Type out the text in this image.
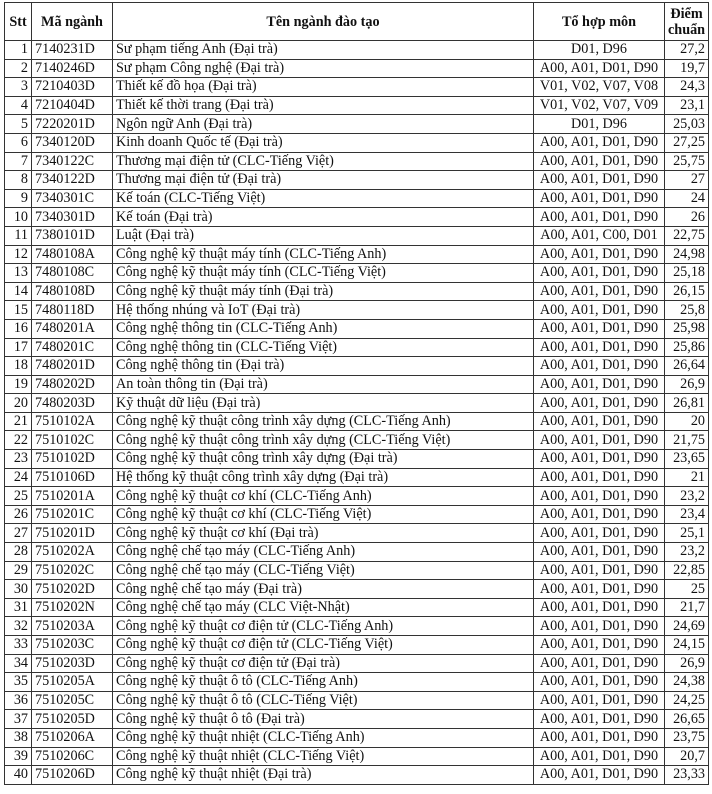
Stt	Mã ngành	Tên ngành đào tạo	Tổ hợp môn	Điểm
chuẩn
1	7140231D	Sư phạm tiếng Anh (Đại trà)	D01, D96	27,2
2	7140246D	Sư phạm Công nghệ (Đại trà)	A00, A01, D01, D90	19,7
3	7210403D	Thiết kế đồ họa (Đại trà)	V01, V02, V07, V08	24,3
4	7210404D	Thiết kế thời trang (Đại trà)	V01, V02, V07, V09	23,1
5	7220201D	Ngôn ngữ Anh (Đại trà)	D01, D96	25,03
6	7340120D	Kinh doanh Quốc tế (Đại trà)	A00, A01, D01, D90	27,25
7	7340122C	Thương mại điện tử (CLC-Tiếng Việt)	A00, A01, D01, D90	25,75
8	7340122D	Thương mại điện tử (Đại trà)	A00, A01, D01, D90	27
9	7340301C	Kế toán (CLC-Tiếng Việt)	A00, A01, D01, D90	24
10	7340301D	Kế toán (Đại trà)	A00, A01, D01, D90	26
11	7380101D	Luật (Đại trà)	A00, A01, C00, D01	22,75
12	7480108A	Công nghệ kỹ thuật máy tính (CLC-Tiếng Anh)	A00, A01, D01, D90	24,98
13	7480108C	Công nghệ kỹ thuật máy tính (CLC-Tiếng Việt)	A00, A01, D01, D90	25,18
14	7480108D	Công nghệ kỹ thuật máy tính (Đại trà)	A00, A01, D01, D90	26,15
15	7480118D	Hệ thống nhúng và IoT (Đại trà)	A00, A01, D01, D90	25,8
16	7480201A	Công nghệ thông tin (CLC-Tiếng Anh)	A00, A01, D01, D90	25,98
17	7480201C	Công nghệ thông tin (CLC-Tiếng Việt)	A00, A01, D01, D90	25,86
18	7480201D	Công nghệ thông tin (Đại trà)	A00, A01, D01, D90	26,64
19	7480202D	An toàn thông tin (Đại trà)	A00, A01, D01, D90	26,9
20	7480203D	Kỹ thuật dữ liệu (Đại trà)	A00, A01, D01, D90	26,81
21	7510102A	Công nghệ kỹ thuật công trình xây dựng (CLC-Tiếng Anh)	A00, A01, D01, D90	20
22	7510102C	Công nghệ kỹ thuật công trình xây dựng (CLC-Tiếng Việt)	A00, A01, D01, D90	21,75
23	7510102D	Công nghệ kỹ thuật công trình xây dựng (Đại trà)	A00, A01, D01, D90	23,65
24	7510106D	Hệ thống kỹ thuật công trình xây dựng (Đại trà)	A00, A01, D01, D90	21
25	7510201A	Công nghệ kỹ thuật cơ khí (CLC-Tiếng Anh)	A00, A01, D01, D90	23,2
26	7510201C	Công nghệ kỹ thuật cơ khí (CLC-Tiếng Việt)	A00, A01, D01, D90	23,4
27	7510201D	Công nghệ kỹ thuật cơ khí (Đại trà)	A00, A01, D01, D90	25,1
28	7510202A	Công nghệ chế tạo máy (CLC-Tiếng Anh)	A00, A01, D01, D90	23,2
29	7510202C	Công nghệ chế tạo máy (CLC-Tiếng Việt)	A00, A01, D01, D90	22,85
30	7510202D	Công nghệ chế tạo máy (Đại trà)	A00, A01, D01, D90	25
31	7510202N	Công nghệ chế tạo máy (CLC Việt-Nhật)	A00, A01, D01, D90	21,7
32	7510203A	Công nghệ kỹ thuật cơ điện tử (CLC-Tiếng Anh)	A00, A01, D01, D90	24,69
33	7510203C	Công nghệ kỹ thuật cơ điện tử (CLC-Tiếng Việt)	A00, A01, D01, D90	24,15
34	7510203D	Công nghệ kỹ thuật cơ điện tử (Đại trà)	A00, A01, D01, D90	26,9
35	7510205A	Công nghệ kỹ thuật ô tô (CLC-Tiếng Anh)	A00, A01, D01, D90	24,38
36	7510205C	Công nghệ kỹ thuật ô tô (CLC-Tiếng Việt)	A00, A01, D01, D90	24,25
37	7510205D	Công nghệ kỹ thuật ô tô (Đại trà)	A00, A01, D01, D90	26,65
38	7510206A	Công nghệ kỹ thuật nhiệt (CLC-Tiếng Anh)	A00, A01, D01, D90	23,75
39	7510206C	Công nghệ kỹ thuật nhiệt (CLC-Tiếng Việt)	A00, A01, D01, D90	20,7
40	7510206D	Công nghệ kỹ thuật nhiệt (Đại trà)	A00, A01, D01, D90	23,33
